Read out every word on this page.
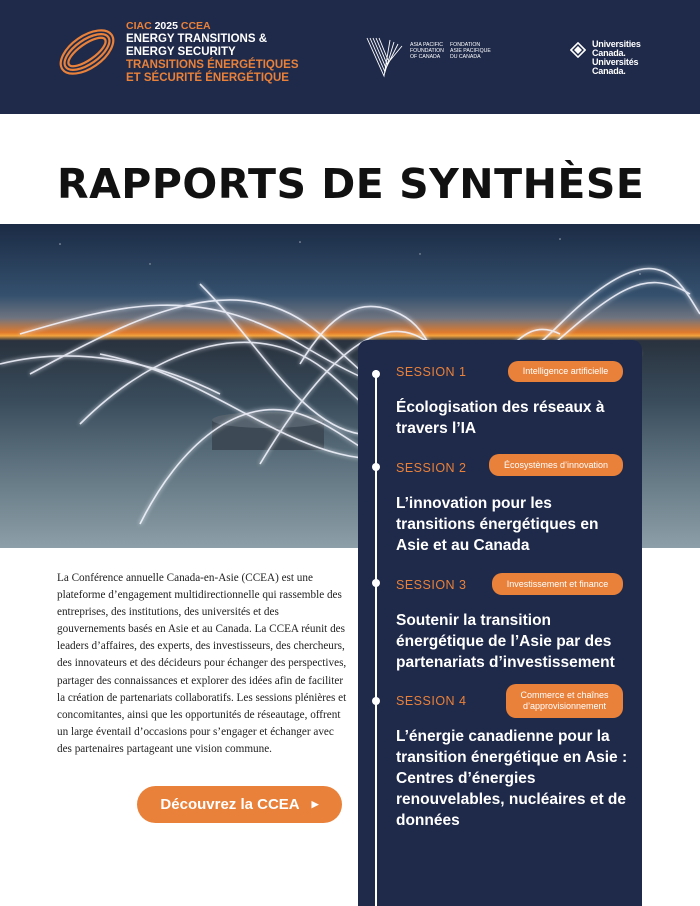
CIAC 2025 CCEA
ENERGY TRANSITIONS &
ENERGY SECURITY
TRANSITIONS ÉNERGÉTIQUES
ET SÉCURITÉ ÉNERGÉTIQUE
ASIA PACIFIC
FOUNDATION
OF CANADA
FONDATION
ASIE PACIFIQUE
DU CANADA
Universities
Canada.
Universités
Canada.
RAPPORTS DE SYNTHÈSE
SESSION 1	Intelligence artificielle
Écologisation des réseaux à travers l’IA
SESSION 2	Écosystèmes d’innovation
L’innovation pour les transitions énergétiques en Asie et au Canada
SESSION 3	Investissement et finance
Soutenir la transition énergétique de l’Asie par des partenariats d’investissement
SESSION 4	Commerce et chaînes d’approvisionnement
L’énergie canadienne pour la transition énergétique en Asie : Centres d’énergies renouvelables, nucléaires et de données

La Conférence annuelle Canada-en-Asie (CCEA) est une plateforme d’engagement multidirectionnelle qui rassemble des entreprises, des institutions, des universités et des gouvernements basés en Asie et au Canada. La CCEA réunit des leaders d’affaires, des experts, des investisseurs, des chercheurs, des innovateurs et des décideurs pour échanger des perspectives, partager des connaissances et explorer des idées afin de faciliter la création de partenariats collaboratifs. Les sessions plénières et concomitantes, ainsi que les opportunités de réseautage, offrent un large éventail d’occasions pour s’engager et échanger avec des partenaires partageant une vision commune.

Découvrez la CCEA ▶
